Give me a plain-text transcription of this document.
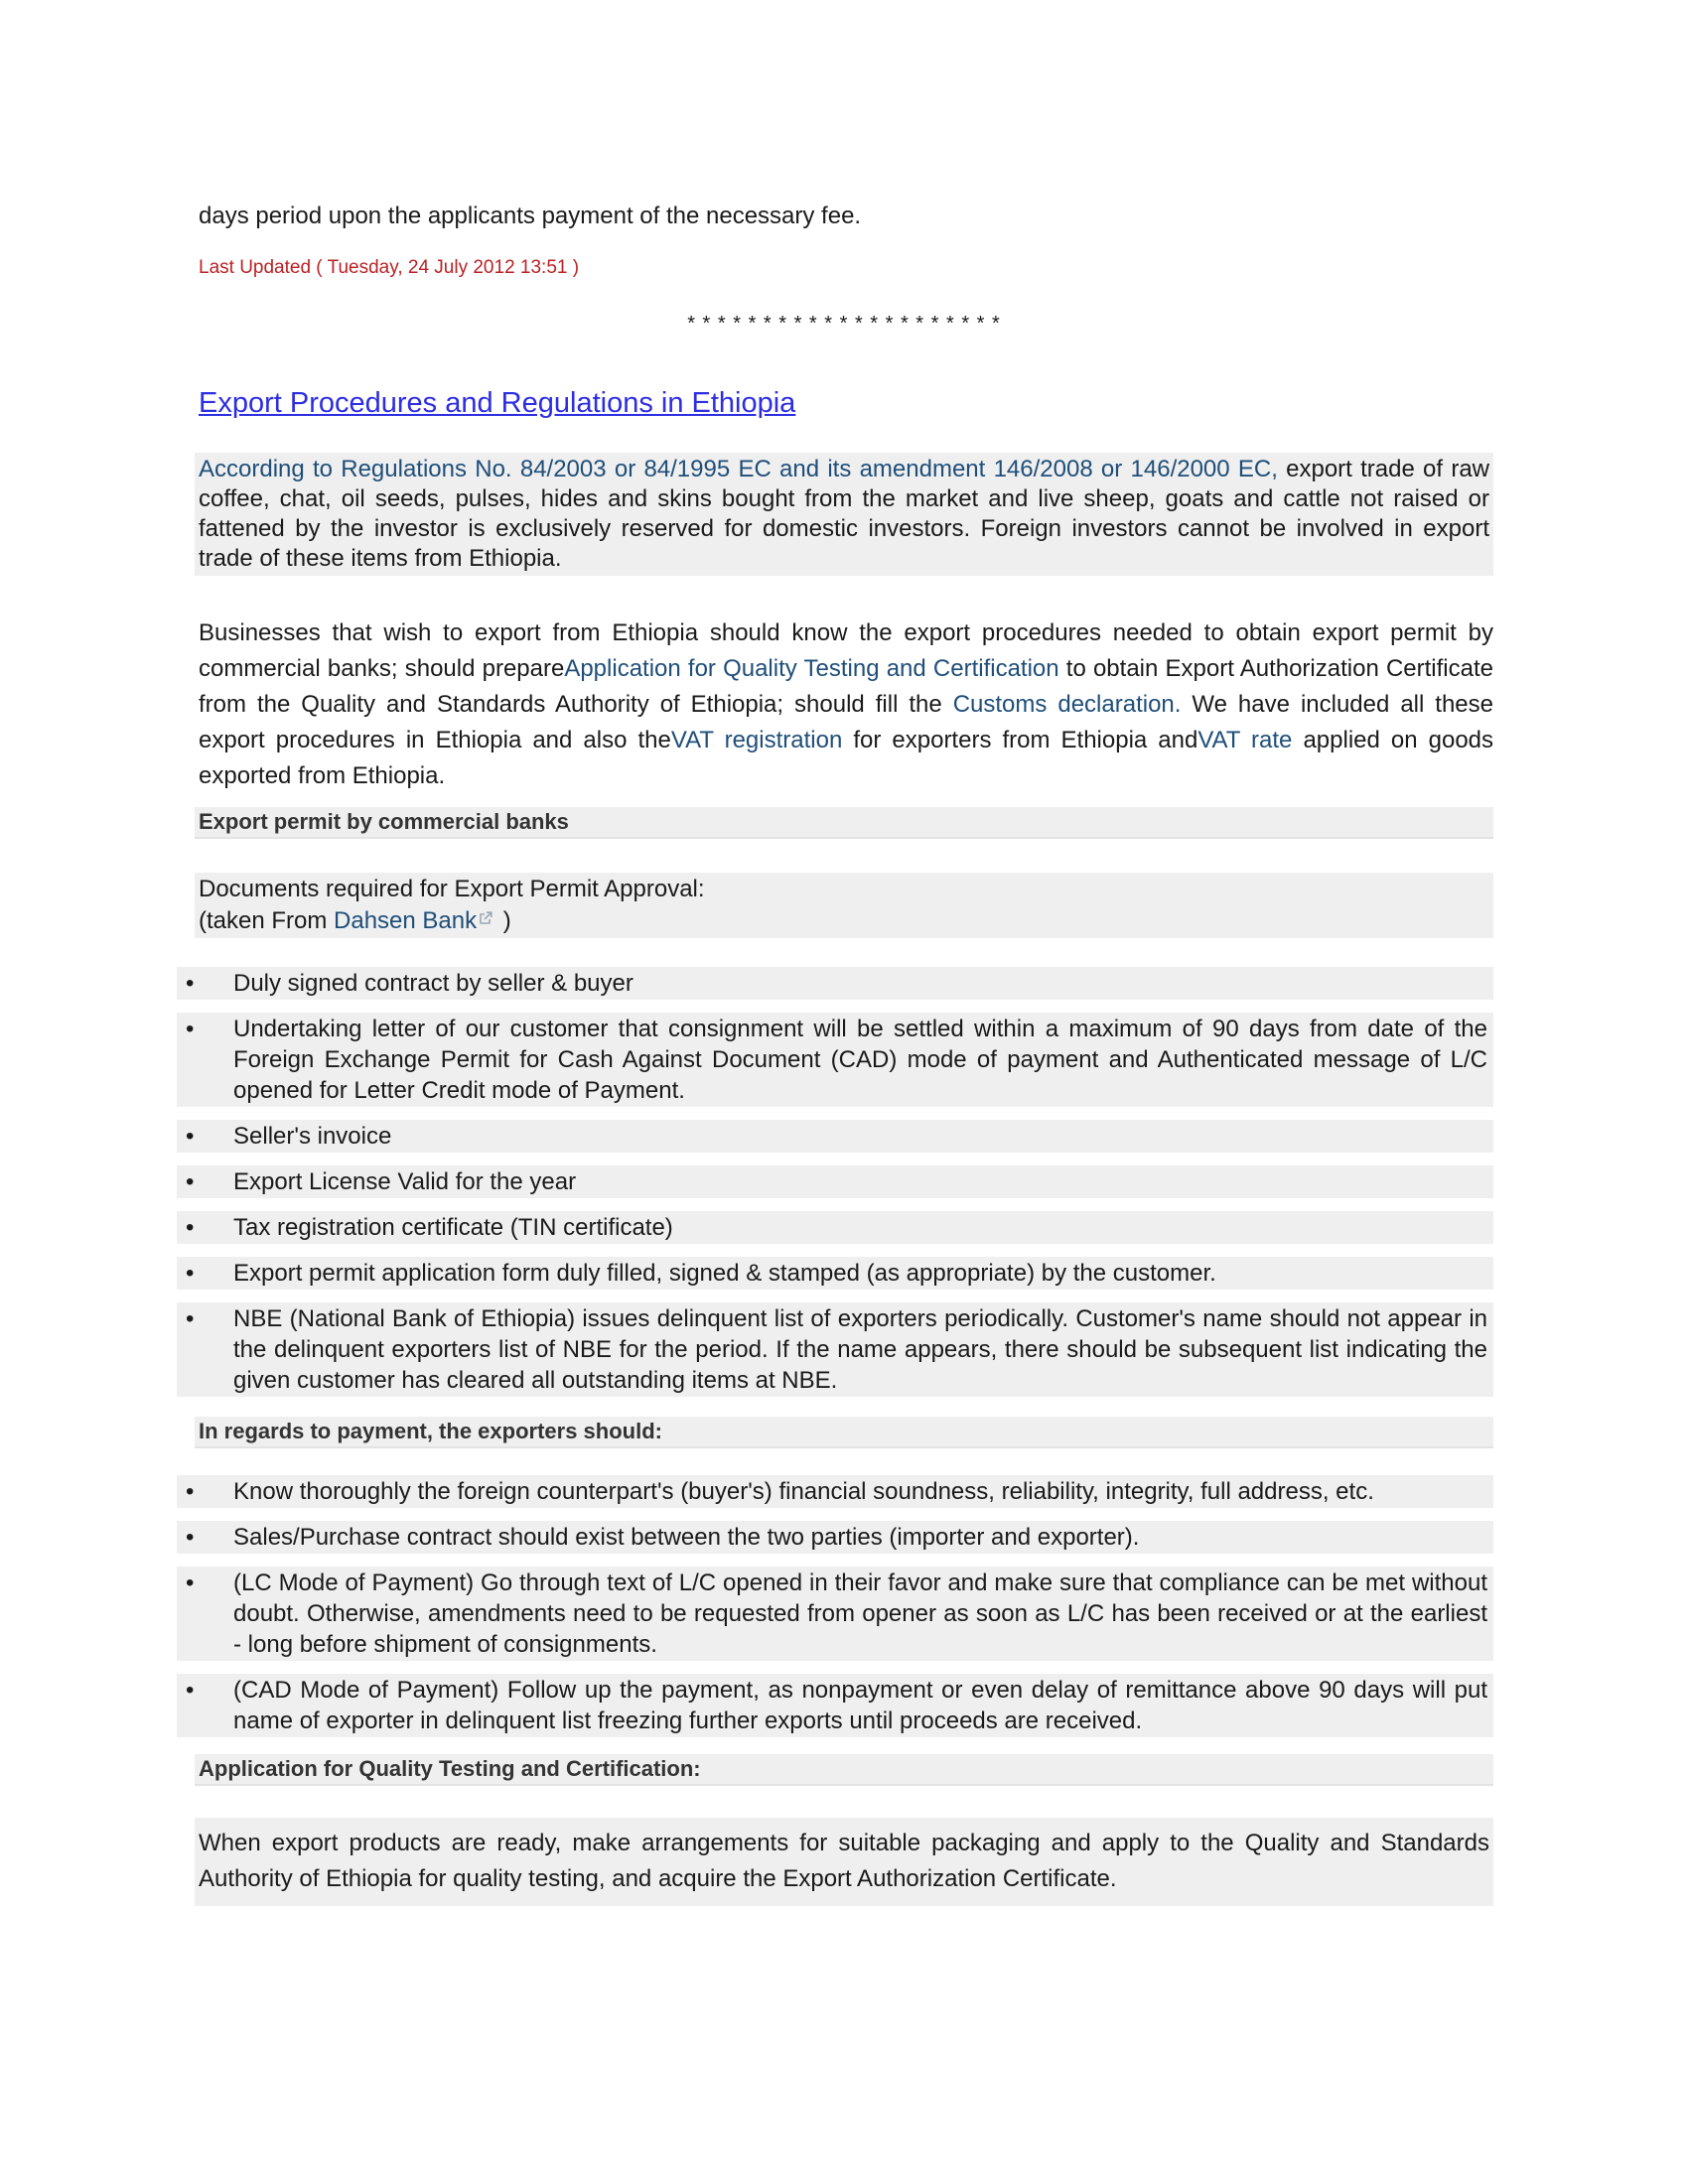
days period upon the applicants payment of the necessary fee.

Last Updated ( Tuesday, 24 July 2012 13:51 )

* * * * * * * * * * * * * * * * * * * * *
Export Procedures and Regulations in Ethiopia
According to Regulations No. 84/2003 or 84/1995 EC and its amendment 146/2008 or 146/2000 EC, export trade of raw coffee, chat, oil seeds, pulses, hides and skins bought from the market and live sheep, goats and cattle not raised or fattened by the investor is exclusively reserved for domestic investors. Foreign investors cannot be involved in export trade of these items from Ethiopia.

Businesses that wish to export from Ethiopia should know the export procedures needed to obtain export permit by commercial banks; should prepareApplication for Quality Testing and Certification to obtain Export Authorization Certificate from the Quality and Standards Authority of Ethiopia; should fill the Customs declaration. We have included all these export procedures in Ethiopia and also theVAT registration for exporters from Ethiopia andVAT rate applied on goods exported from Ethiopia.

Export permit by commercial banks
Documents required for Export Permit Approval:
(taken From Dahsen Bank )
• Duly signed contract by seller & buyer
• Undertaking letter of our customer that consignment will be settled within a maximum of 90 days from date of the Foreign Exchange Permit for Cash Against Document (CAD) mode of payment and Authenticated message of L/C opened for Letter Credit mode of Payment.
• Seller's invoice
• Export License Valid for the year
• Tax registration certificate (TIN certificate)
• Export permit application form duly filled, signed & stamped (as appropriate) by the customer.
• NBE (National Bank of Ethiopia) issues delinquent list of exporters periodically. Customer's name should not appear in the delinquent exporters list of NBE for the period. If the name appears, there should be subsequent list indicating the given customer has cleared all outstanding items at NBE.
In regards to payment, the exporters should:
• Know thoroughly the foreign counterpart's (buyer's) financial soundness, reliability, integrity, full address, etc.
• Sales/Purchase contract should exist between the two parties (importer and exporter).
• (LC Mode of Payment) Go through text of L/C opened in their favor and make sure that compliance can be met without doubt. Otherwise, amendments need to be requested from opener as soon as L/C has been received or at the earliest - long before shipment of consignments.
• (CAD Mode of Payment) Follow up the payment, as nonpayment or even delay of remittance above 90 days will put name of exporter in delinquent list freezing further exports until proceeds are received.
Application for Quality Testing and Certification:
When export products are ready, make arrangements for suitable packaging and apply to the Quality and Standards Authority of Ethiopia for quality testing, and acquire the Export Authorization Certificate.
